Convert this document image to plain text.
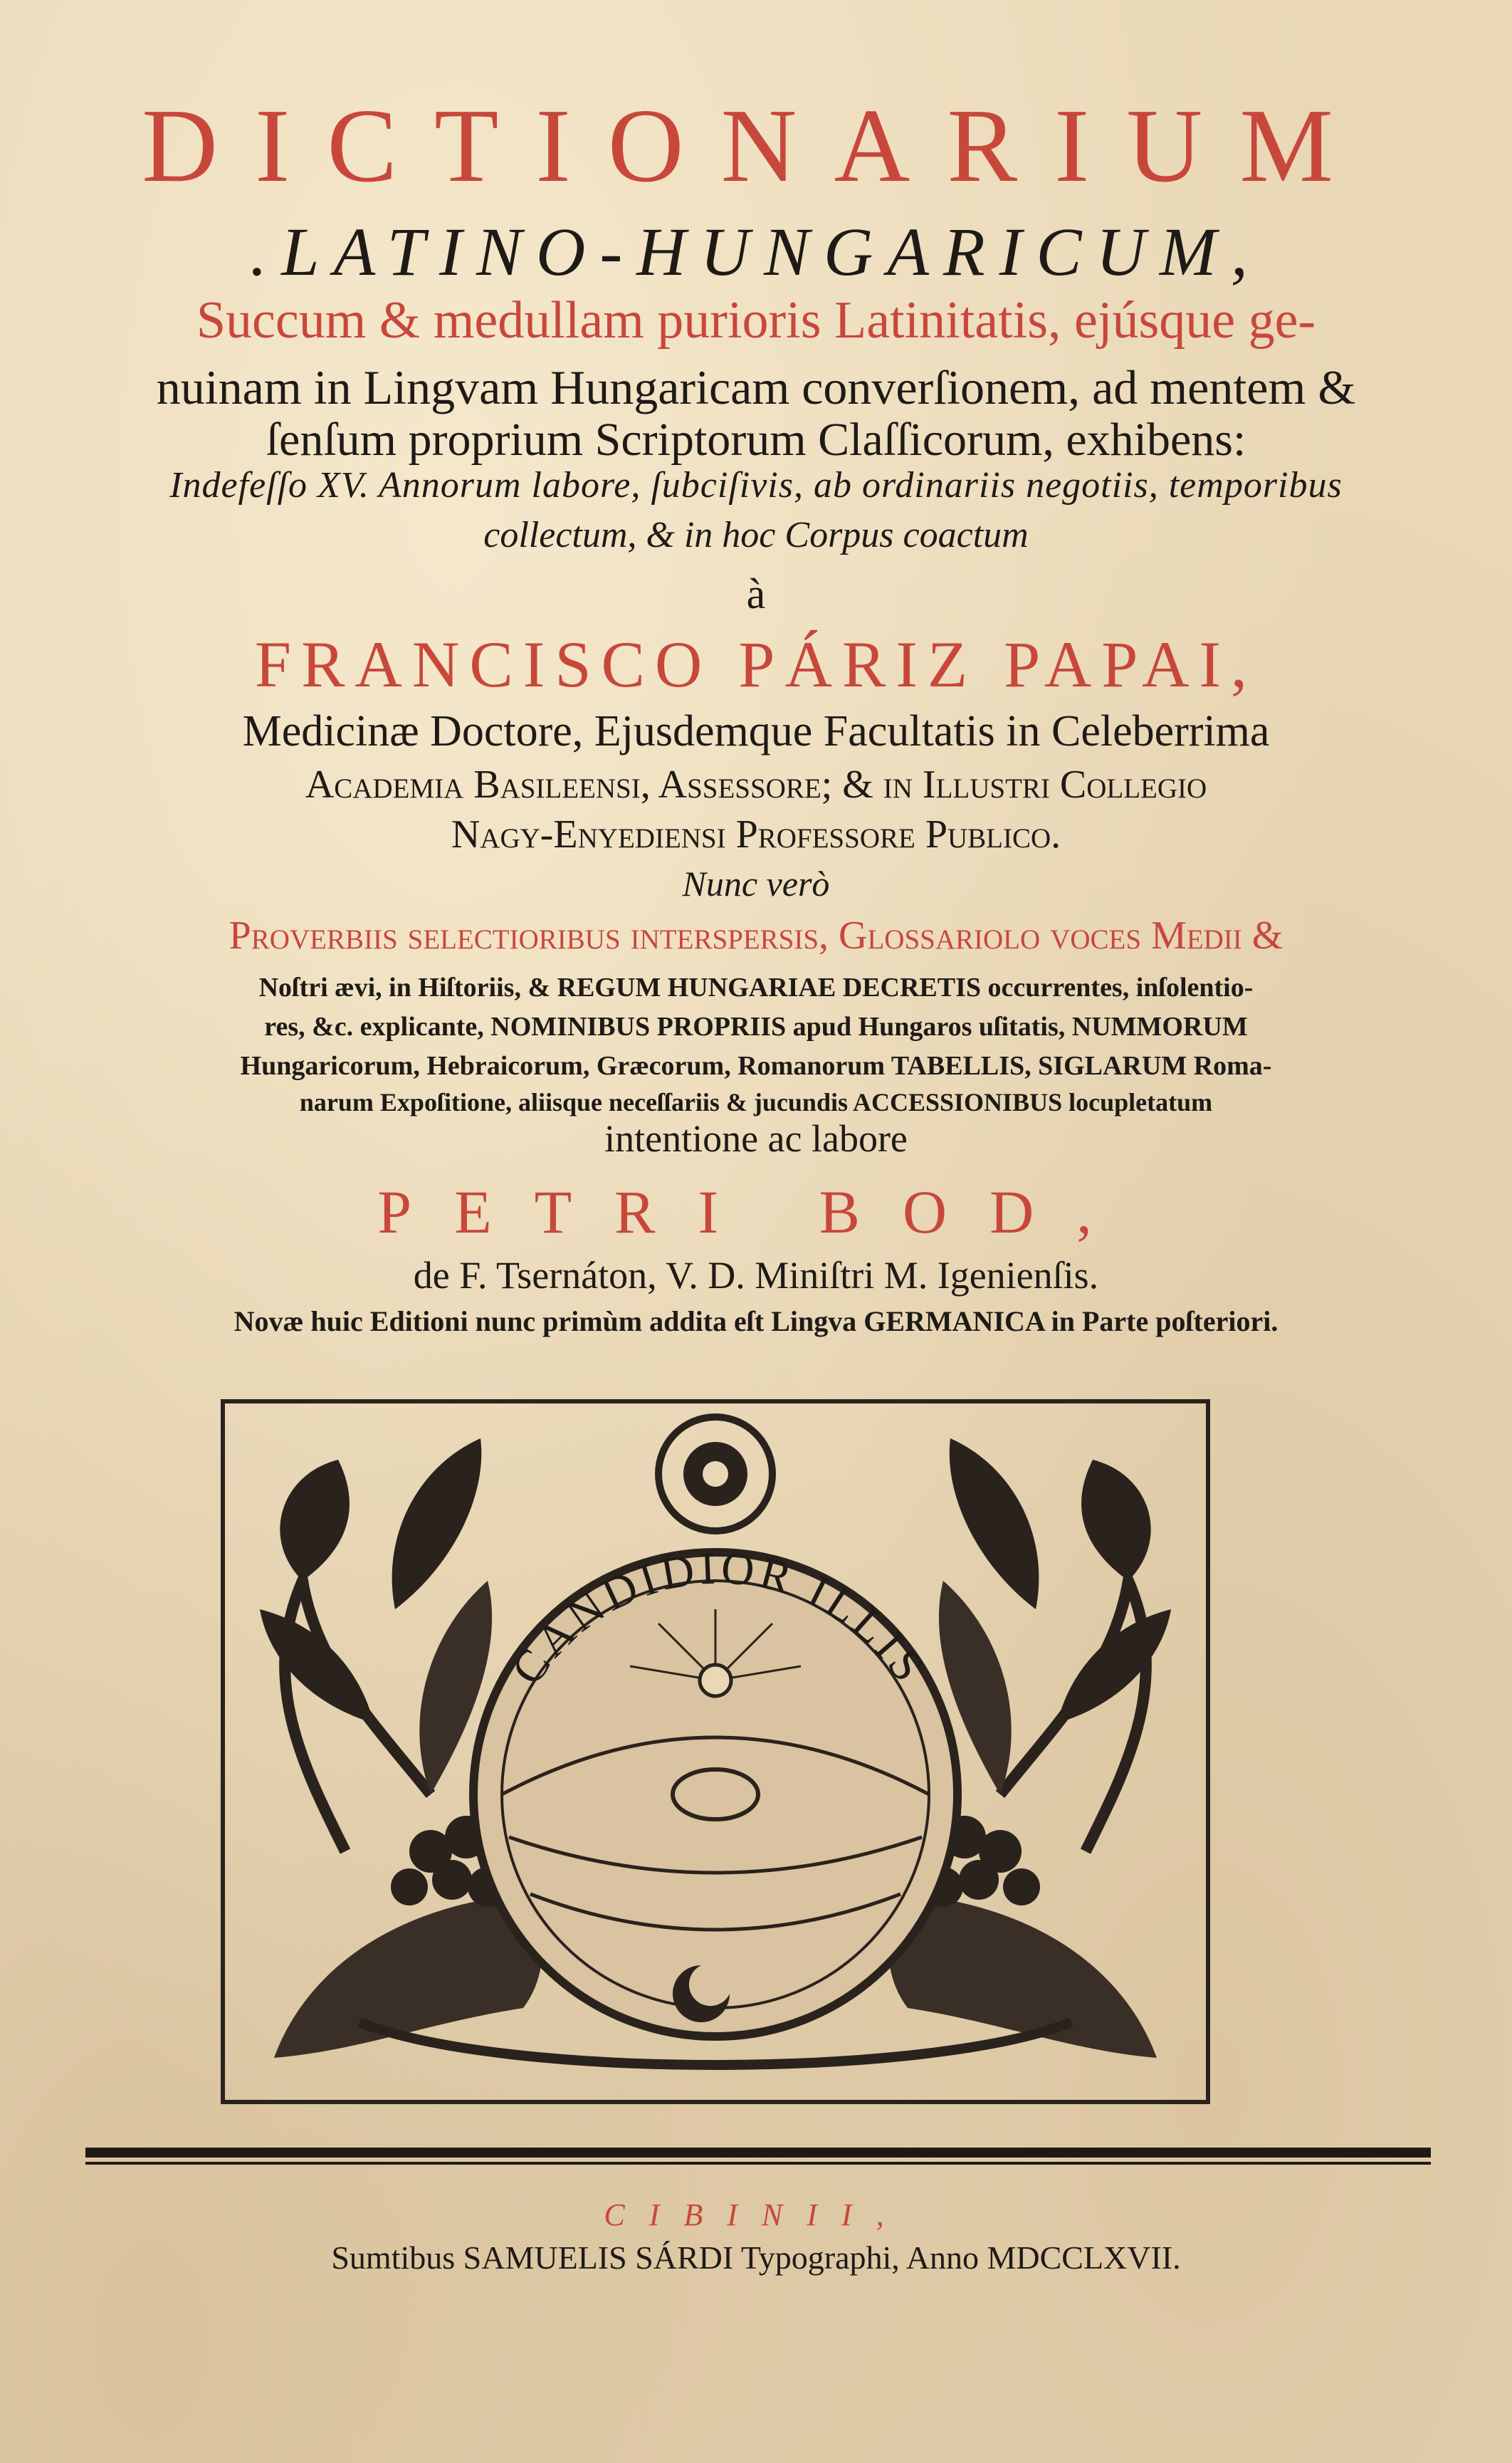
DICTIONARIUM
.LATINO-HUNGARICUM,
Succum & medullam purioris Latinitatis, ejúsque ge-
nuinam in Lingvam Hungaricam converſionem, ad mentem &
ſenſum proprium Scriptorum Claſſicorum, exhibens:
Indefeſſo XV. Annorum labore, ſubciſivis, ab ordinariis negotiis, temporibus
collectum, & in hoc Corpus coactum
à
FRANCISCO PÁRIZ PAPAI,
Medicinæ Doctore, Ejusdemque Facultatis in Celeberrima
Academia Basileensi, Aſſeſſore; & in Illuſtri Collegio
Nagy-Enyediensi Profeſſore Publico.
Nunc verò
Proverbiis ſelectioribus interſperſis, Glossariolo voces Medii &
Noſtri ævi, in Hiſtoriis, & REGUM HUNGARIAE DECRETIS occurrentes, inſolentio-
res, &c. explicante, NOMINIBUS PROPRIIS apud Hungaros uſitatis, NUMMORUM
Hungaricorum, Hebraicorum, Græcorum, Romanorum TABELLIS, SIGLARUM Roma-
narum Expoſitione, aliisque neceſſariis & jucundis ACCESSIONIBUS locupletatum
intentione ac labore
PETRI BOD,
de F. Tsernáton, V. D. Miniſtri M. Igenienſis.
Novæ huic Editioni nunc primùm addita eſt Lingva GERMANICA in Parte poſteriori.
CANDIDIOR ILLIS
CIBINII,
Sumtibus SAMUELIS SÁRDI Typographi, Anno MDCCLXVII.
